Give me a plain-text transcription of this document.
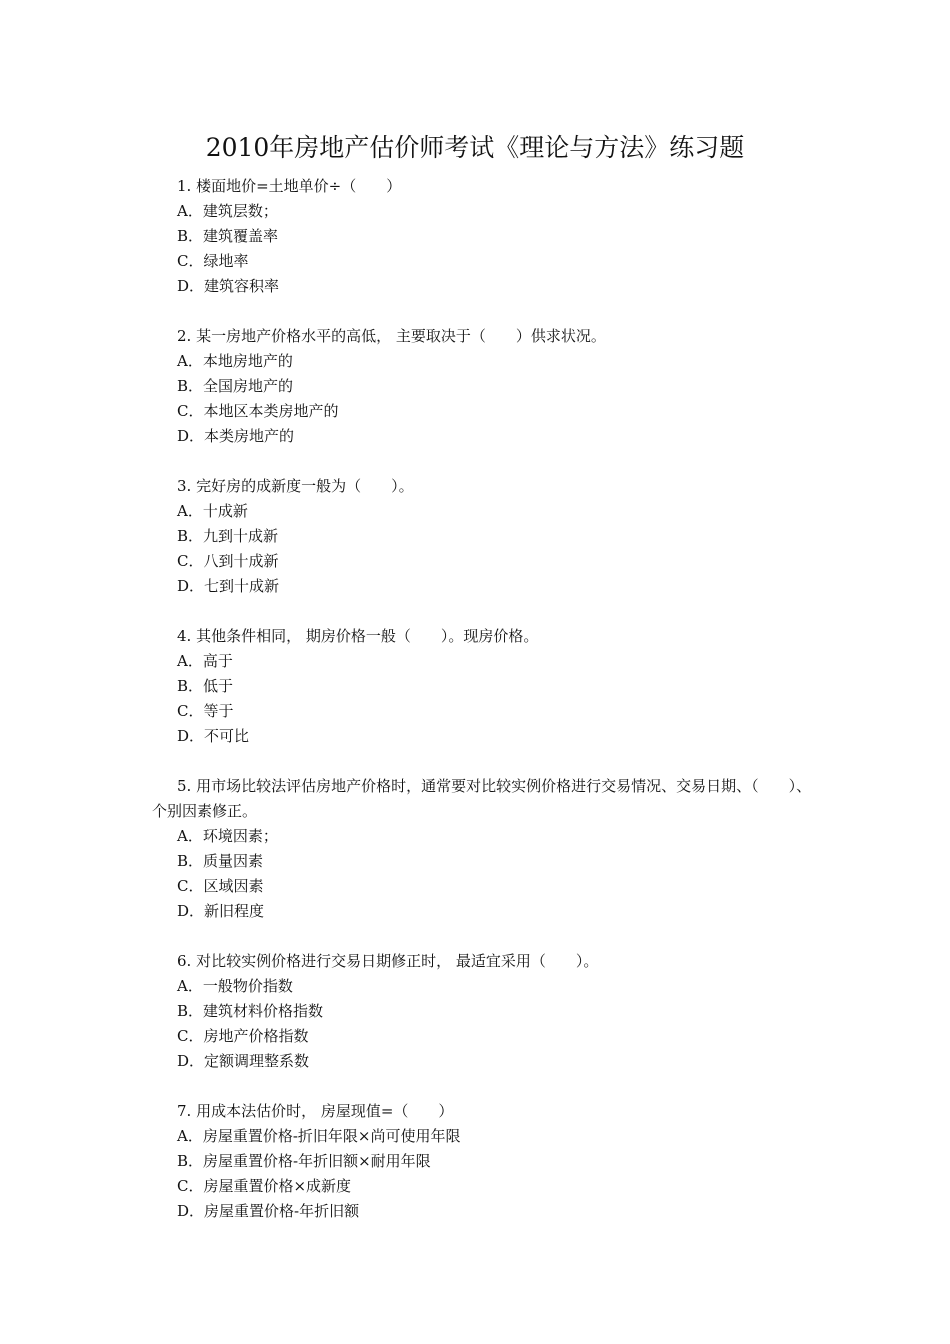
2010年房地产估价师考试《理论与方法》练习题
1. 楼面地价=土地单价÷（　　）
A．建筑层数；
B．建筑覆盖率
C．绿地率
D．建筑容积率
2. 某一房地产价格水平的高低， 主要取决于（　　）供求状况。
A．本地房地产的
B．全国房地产的
C．本地区本类房地产的
D．本类房地产的
3. 完好房的成新度一般为（　　）。
A．十成新
B．九到十成新
C．八到十成新
D．七到十成新
4. 其他条件相同， 期房价格一般（　　）。现房价格。
A．高于
B．低于
C．等于
D．不可比
5. 用市场比较法评估房地产价格时，通常要对比较实例价格进行交易情况、交易日期、（　　）、个别因素修正。
A．环境因素；
B．质量因素
C．区域因素
D．新旧程度
6. 对比较实例价格进行交易日期修正时， 最适宜采用（　　）。
A．一般物价指数
B．建筑材料价格指数
C．房地产价格指数
D．定额调理整系数
7. 用成本法估价时， 房屋现值=（　　）
A．房屋重置价格-折旧年限×尚可使用年限
B．房屋重置价格-年折旧额×耐用年限
C．房屋重置价格×成新度
D．房屋重置价格-年折旧额
